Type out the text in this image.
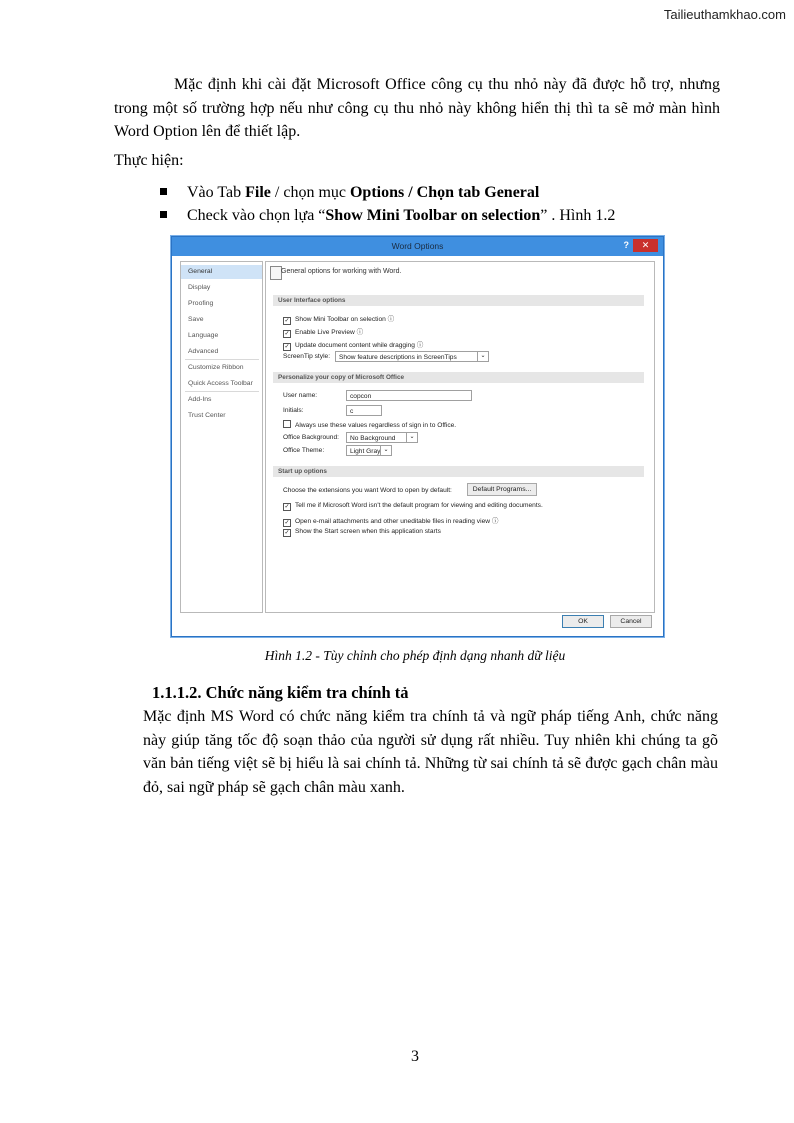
Tailieuthamkhao.com
Mặc định khi cài đặt Microsoft Office công cụ thu nhỏ này đã được hỗ trợ, nhưng trong một số trường hợp nếu như công cụ thu nhỏ này không hiển thị thì ta sẽ mở màn hình Word Option lên để thiết lập.
Thực hiện:
Vào Tab File / chọn mục Options / Chọn tab General
Check vào chọn lựa “Show Mini Toolbar on selection” . Hình 1.2
Word Options	?	✕
General
Display
Proofing
Save
Language
Advanced
Customize Ribbon
Quick Access Toolbar
Add-Ins
Trust Center
General options for working with Word.
User Interface options
✓ Show Mini Toolbar on selection ⓘ
✓ Enable Live Preview ⓘ
✓ Update document content while dragging ⓘ
ScreenTip style:	Show feature descriptions in ScreenTips	⌄
Personalize your copy of Microsoft Office
User name:	copcon
Initials:	c
Always use these values regardless of sign in to Office.
Office Background:	No Background	⌄
Office Theme:	Light Gray ⌄
Start up options
Choose the extensions you want Word to open by default:	Default Programs...
✓ Tell me if Microsoft Word isn't the default program for viewing and editing documents.
✓ Open e-mail attachments and other uneditable files in reading view ⓘ
✓ Show the Start screen when this application starts
OK	Cancel
Hình 1.2 - Tùy chỉnh cho phép định dạng nhanh dữ liệu
1.1.1.2. Chức năng kiểm tra chính tả
Mặc định MS Word có chức năng kiểm tra chính tả và ngữ pháp tiếng Anh, chức năng này giúp tăng tốc độ soạn thảo của người sử dụng rất nhiều. Tuy nhiên khi chúng ta gõ văn bản tiếng việt sẽ bị hiểu là sai chính tả. Những từ sai chính tả sẽ được gạch chân màu đỏ, sai ngữ pháp sẽ gạch chân màu xanh.
3
